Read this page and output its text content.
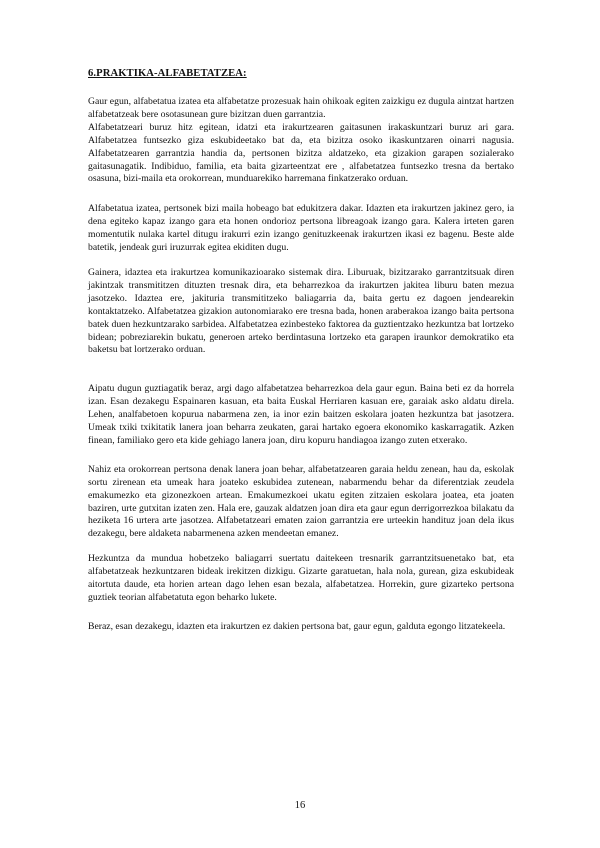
6.PRAKTIKA-ALFABETATZEA:

Gaur egun, alfabetatua izatea eta alfabetatze prozesuak hain ohikoak egiten zaizkigu ez dugula aintzat hartzen alfabetatzeak bere osotasunean gure bizitzan duen garrantzia.

Alfabetatzeari buruz hitz egitean, idatzi eta irakurtzearen gaitasunen irakaskuntzari buruz ari gara. Alfabetatzea funtsezko giza eskubideetako bat da, eta bizitza osoko ikaskuntzaren oinarri nagusia. Alfabetatzearen garrantzia handia da, pertsonen bizitza aldatzeko, eta gizakion garapen sozialerako gaitasunagatik. Indibiduo, familia, eta baita gizarteentzat ere , alfabetatzea funtsezko tresna da bertako osasuna, bizi-maila eta orokorrean, munduarekiko harremana finkatzerako orduan.

Alfabetatua izatea, pertsonek bizi maila hobeago bat edukitzera dakar. Idazten eta irakurtzen jakinez gero, ia dena egiteko kapaz izango gara eta honen ondorioz pertsona libreagoak izango gara. Kalera irteten garen momentutik nulaka kartel ditugu irakurri ezin izango genituzkeenak irakurtzen ikasi ez bagenu. Beste alde batetik, jendeak guri iruzurrak egitea ekiditen dugu.

Gainera, idaztea eta irakurtzea komunikazioarako sistemak dira. Liburuak, bizitzarako garrantzitsuak diren jakintzak transmititzen dituzten tresnak dira, eta beharrezkoa da irakurtzen jakitea liburu baten mezua jasotzeko. Idaztea ere, jakituria transmititzeko baliagarria da, baita gertu ez dagoen jendearekin kontaktatzeko. Alfabetatzea gizakion autonomiarako ere tresna bada, honen araberakoa izango baita pertsona batek duen hezkuntzarako sarbidea. Alfabetatzea ezinbesteko faktorea da guztientzako hezkuntza bat lortzeko bidean; pobreziarekin bukatu, generoen arteko berdintasuna lortzeko eta garapen iraunkor demokratiko eta baketsu bat lortzerako orduan.

Aipatu dugun guztiagatik beraz, argi dago alfabetatzea beharrezkoa dela gaur egun. Baina beti ez da horrela izan. Esan dezakegu Espainaren kasuan, eta baita Euskal Herriaren kasuan ere, garaiak asko aldatu direla. Lehen, analfabetoen kopurua nabarmena zen, ia inor ezin baitzen eskolara joaten hezkuntza bat jasotzera. Umeak txiki txikitatik lanera joan beharra zeukaten, garai hartako egoera ekonomiko kaskarragatik. Azken finean, familiako gero eta kide gehiago lanera joan, diru kopuru handiagoa izango zuten etxerako.

Nahiz eta orokorrean pertsona denak lanera joan behar, alfabetatzearen garaia heldu zenean, hau da, eskolak sortu zirenean eta umeak hara joateko eskubidea zutenean, nabarmendu behar da diferentziak zeudela emakumezko eta gizonezkoen artean. Emakumezkoei ukatu egiten zitzaien eskolara joatea, eta joaten baziren, urte gutxitan izaten zen. Hala ere, gauzak aldatzen joan dira eta gaur egun derrigorrezkoa bilakatu da heziketa 16 urtera arte jasotzea. Alfabetatzeari ematen zaion garrantzia ere urteekin handituz joan dela ikus dezakegu, bere aldaketa nabarmenena azken mendeetan emanez.

Hezkuntza da mundua hobetzeko baliagarri suertatu daitekeen tresnarik garrantzitsuenetako bat, eta alfabetatzeak hezkuntzaren bideak irekitzen dizkigu. Gizarte garatuetan, hala nola, gurean, giza eskubideak aitortuta daude, eta horien artean dago lehen esan bezala, alfabetatzea. Horrekin, gure gizarteko pertsona guztiek teorian alfabetatuta egon beharko lukete.

Beraz, esan dezakegu, idazten eta irakurtzen ez dakien pertsona bat, gaur egun, galduta egongo litzatekeela.

16
